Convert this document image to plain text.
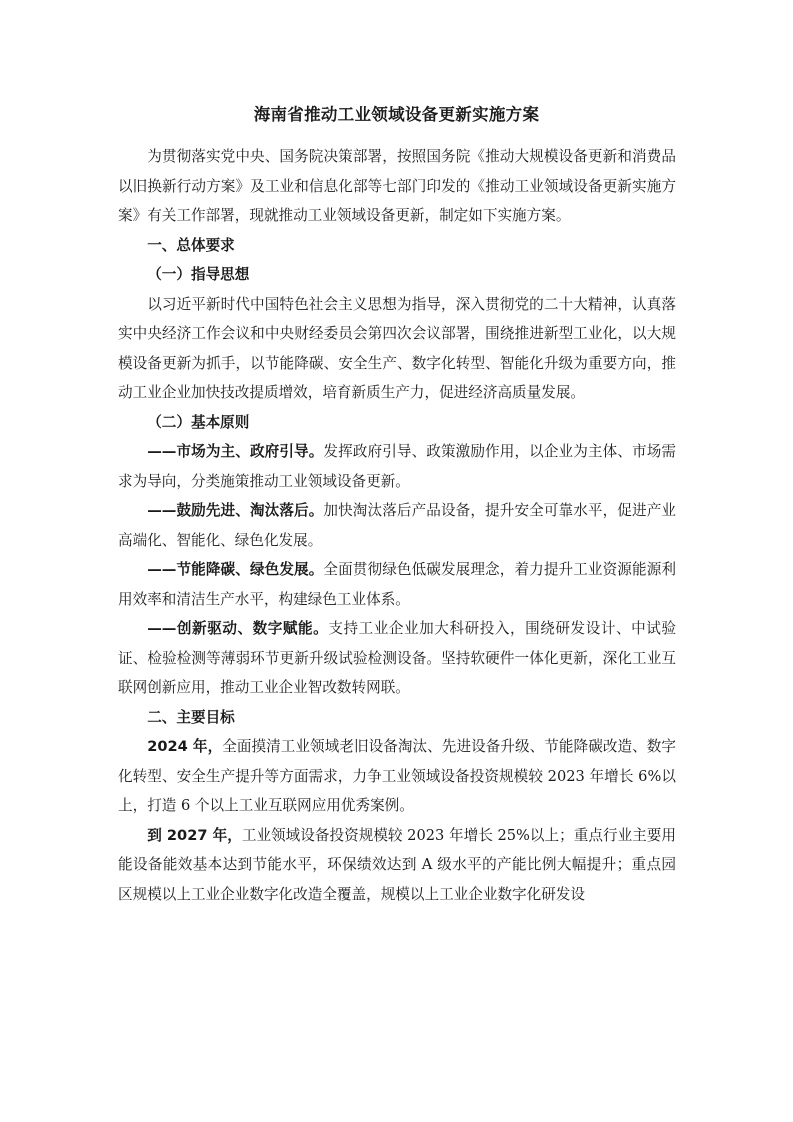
海南省推动工业领域设备更新实施方案

为贯彻落实党中央、国务院决策部署，按照国务院《推动大规模设备更新和消费品以旧换新行动方案》及工业和信息化部等七部门印发的《推动工业领域设备更新实施方案》有关工作部署，现就推动工业领域设备更新，制定如下实施方案。

一、总体要求

（一）指导思想

以习近平新时代中国特色社会主义思想为指导，深入贯彻党的二十大精神，认真落实中央经济工作会议和中央财经委员会第四次会议部署，围绕推进新型工业化，以大规模设备更新为抓手，以节能降碳、安全生产、数字化转型、智能化升级为重要方向，推动工业企业加快技改提质增效，培育新质生产力，促进经济高质量发展。

（二）基本原则

——市场为主、政府引导。发挥政府引导、政策激励作用，以企业为主体、市场需求为导向，分类施策推动工业领域设备更新。

——鼓励先进、淘汰落后。加快淘汰落后产品设备，提升安全可靠水平，促进产业高端化、智能化、绿色化发展。

——节能降碳、绿色发展。全面贯彻绿色低碳发展理念，着力提升工业资源能源利用效率和清洁生产水平，构建绿色工业体系。

——创新驱动、数字赋能。支持工业企业加大科研投入，围绕研发设计、中试验证、检验检测等薄弱环节更新升级试验检测设备。坚持软硬件一体化更新，深化工业互联网创新应用，推动工业企业智改数转网联。

二、主要目标

2024 年，全面摸清工业领域老旧设备淘汰、先进设备升级、节能降碳改造、数字化转型、安全生产提升等方面需求，力争工业领域设备投资规模较 2023 年增长 6%以上，打造 6 个以上工业互联网应用优秀案例。

到 2027 年，工业领域设备投资规模较 2023 年增长 25%以上；重点行业主要用能设备能效基本达到节能水平，环保绩效达到 A 级水平的产能比例大幅提升；重点园区规模以上工业企业数字化改造全覆盖，规模以上工业企业数字化研发设
